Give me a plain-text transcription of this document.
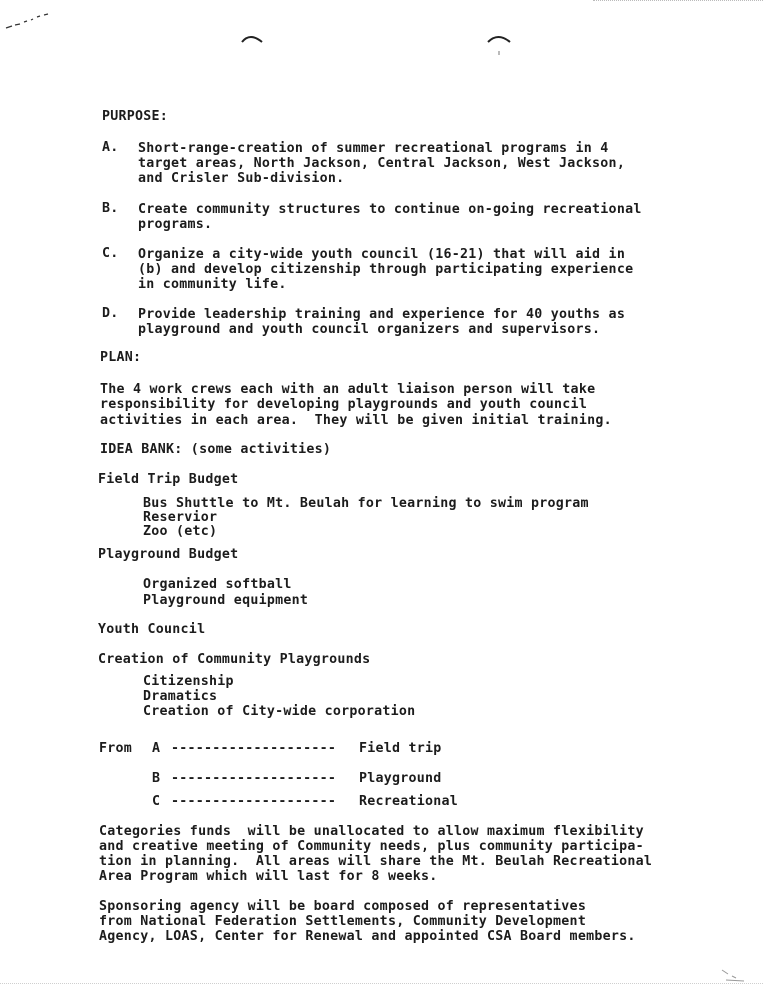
PURPOSE:
A. Short-range-creation of summer recreational programs in 4
target areas, North Jackson, Central Jackson, West Jackson,
and Crisler Sub-division.
B. Create community structures to continue on-going recreational
programs.
C. Organize a city-wide youth council (16-21) that will aid in
(b) and develop citizenship through participating experience
in community life.
D. Provide leadership training and experience for 40 youths as
playground and youth council organizers and supervisors.
PLAN:
The 4 work crews each with an adult liaison person will take
responsibility for developing playgrounds and youth council
activities in each area.  They will be given initial training.
IDEA BANK: (some activities)
Field Trip Budget
Bus Shuttle to Mt. Beulah for learning to swim program
Reservior
Zoo (etc)
Playground Budget
Organized softball
Playground equipment
Youth Council
Creation of Community Playgrounds
Citizenship
Dramatics
Creation of City-wide corporation
From A -------------------- Field trip
B -------------------- Playground
C -------------------- Recreational
Categories funds  will be unallocated to allow maximum flexibility
and creative meeting of Community needs, plus community participa-
tion in planning.  All areas will share the Mt. Beulah Recreational
Area Program which will last for 8 weeks.
Sponsoring agency will be board composed of representatives
from National Federation Settlements, Community Development
Agency, LOAS, Center for Renewal and appointed CSA Board members.
